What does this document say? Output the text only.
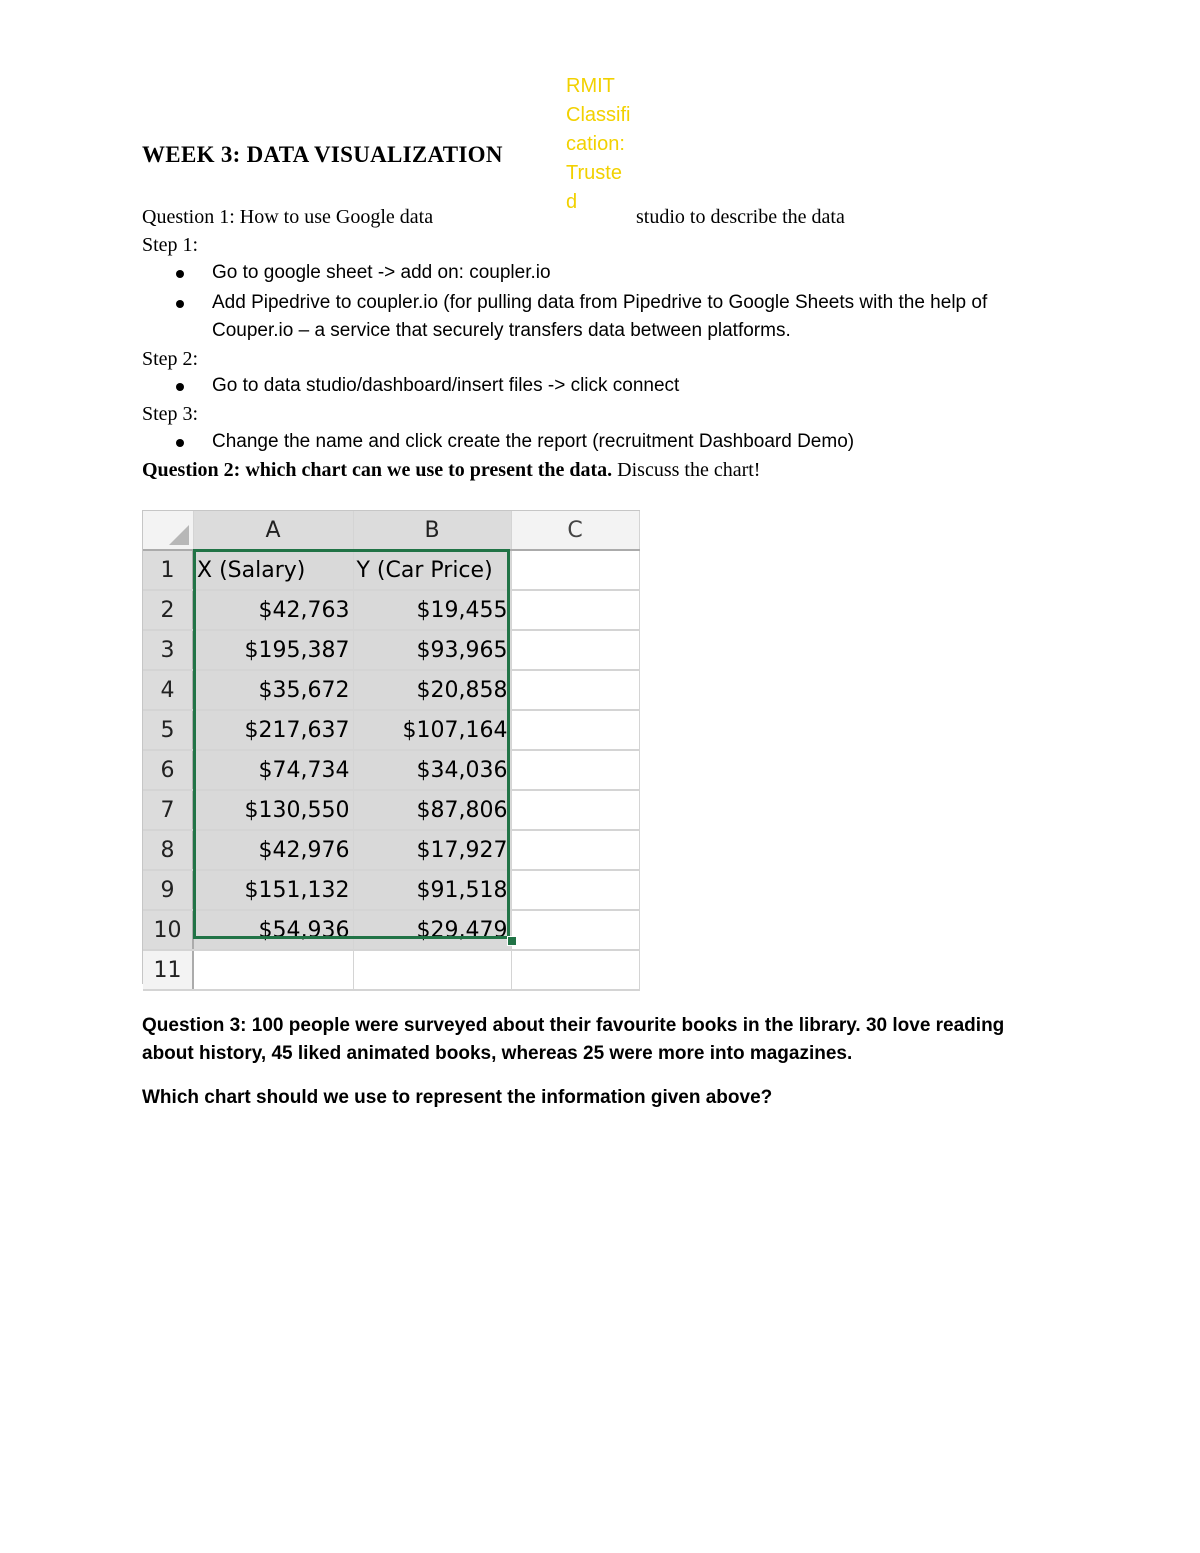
RMIT
Classifi
cation:
Truste
d
WEEK 3: DATA VISUALIZATION
Question 1: How to use Google data	studio to describe the data
Step 1:
Go to google sheet -> add on: coupler.io
Add Pipedrive to coupler.io (for pulling data from Pipedrive to Google Sheets with the help of Couper.io – a service that securely transfers data between platforms.
Step 2:
Go to data studio/dashboard/insert files -> click connect
Step 3:
Change the name and click create the report (recruitment Dashboard Demo)
Question 2: which chart can we use to present the data. Discuss the chart!
	A	B	C
1	X (Salary)	Y (Car Price)	
2	$42,763	$19,455	
3	$195,387	$93,965	
4	$35,672	$20,858	
5	$217,637	$107,164	
6	$74,734	$34,036	
7	$130,550	$87,806	
8	$42,976	$17,927	
9	$151,132	$91,518	
10	$54,936	$29,479	
11			
Question 3: 100 people were surveyed about their favourite books in the library. 30 love reading about history, 45 liked animated books, whereas 25 were more into magazines.
Which chart should we use to represent the information given above?
